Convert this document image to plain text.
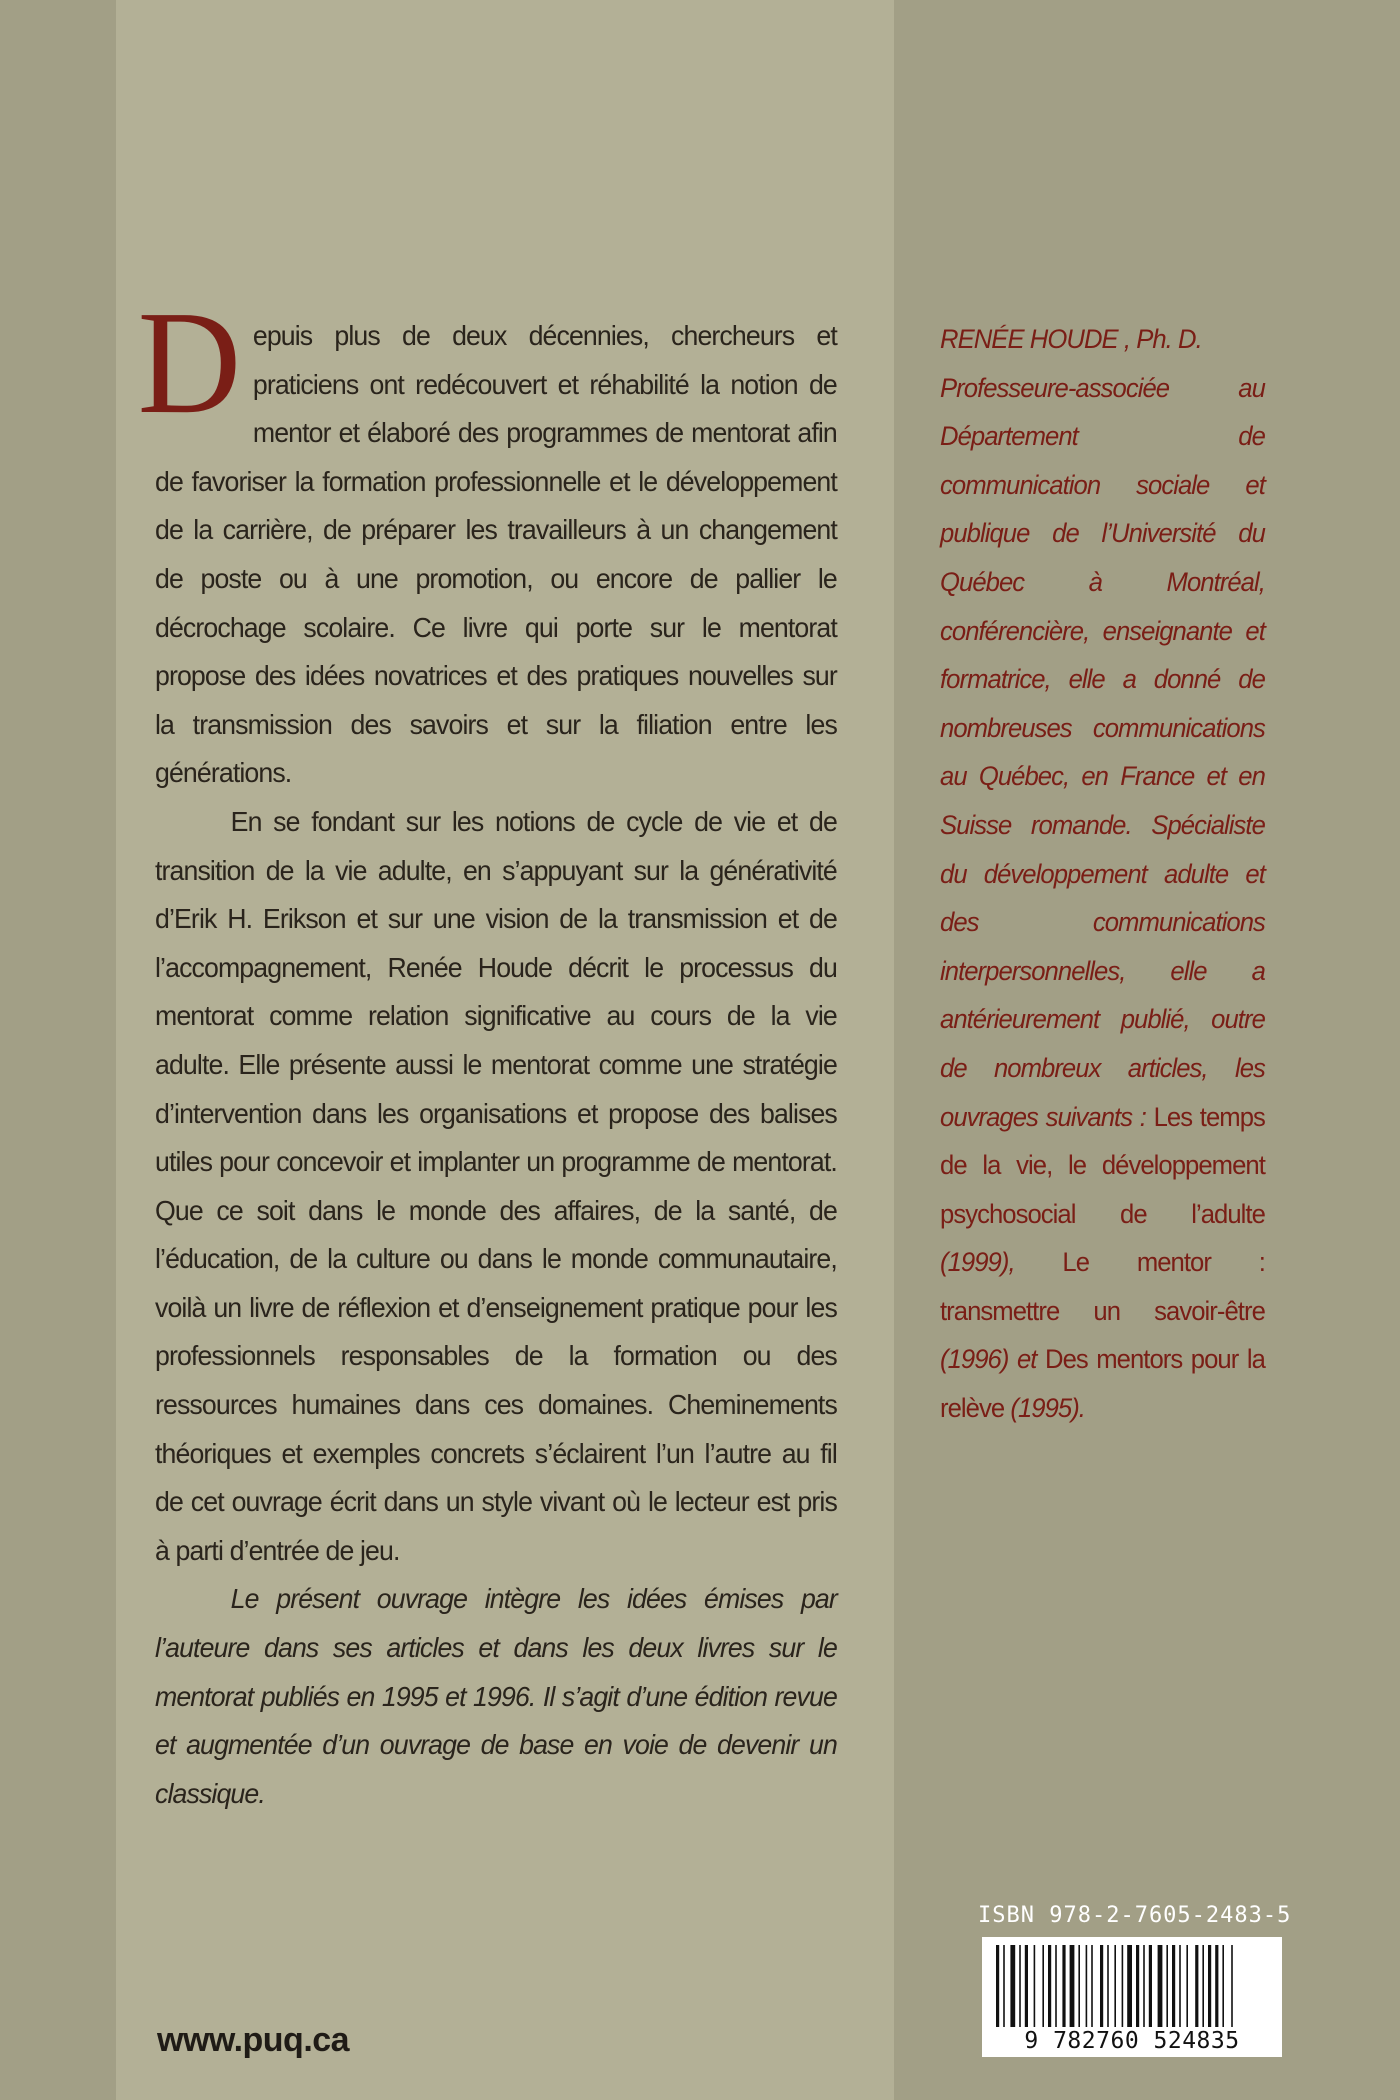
Depuis plus de deux décennies, chercheurs et praticiens ont redécouvert et réhabilité la notion de mentor et élaboré des programmes de mentorat afin de favoriser la formation professionnelle et le développement de la carrière, de préparer les travailleurs à un changement de poste ou à une promotion, ou encore de pallier le décrochage scolaire. Ce livre qui porte sur le mentorat propose des idées novatrices et des pratiques nouvelles sur la transmission des savoirs et sur la filiation entre les générations.

En se fondant sur les notions de cycle de vie et de transition de la vie adulte, en s’appuyant sur la générativité d’Erik H. Erikson et sur une vision de la transmission et de l’accompagnement, Renée Houde décrit le processus du mentorat comme relation significative au cours de la vie adulte. Elle présente aussi le mentorat comme une stratégie d’intervention dans les organisations et propose des balises utiles pour concevoir et implanter un programme de mentorat. Que ce soit dans le monde des affaires, de la santé, de l’éducation, de la culture ou dans le monde communautaire, voilà un livre de réflexion et d’enseignement pratique pour les professionnels responsables de la formation ou des ressources humaines dans ces domaines. Cheminements théoriques et exemples concrets s’éclairent l’un l’autre au fil de cet ouvrage écrit dans un style vivant où le lecteur est pris à parti d’entrée de jeu.

Le présent ouvrage intègre les idées émises par l’auteure dans ses articles et dans les deux livres sur le mentorat publiés en 1995 et 1996. Il s’agit d’une édition revue et augmentée d’un ouvrage de base en voie de devenir un classique.

RENÉE HOUDE , Ph. D.

Professeure-associée au Département de communication sociale et publique de l’Université du Québec à Montréal, conférencière, enseignante et formatrice, elle a donné de nombreuses communications au Québec, en France et en Suisse romande. Spécialiste du développement adulte et des communications interpersonnelles, elle a antérieurement publié, outre de nombreux articles, les ouvrages suivants : Les temps de la vie, le développement psychosocial de l’adulte (1999), Le mentor : transmettre un savoir-être (1996) et Des mentors pour la relève (1995).

www.puq.ca
ISBN 978-2-7605-2483-5
9 782760 524835
